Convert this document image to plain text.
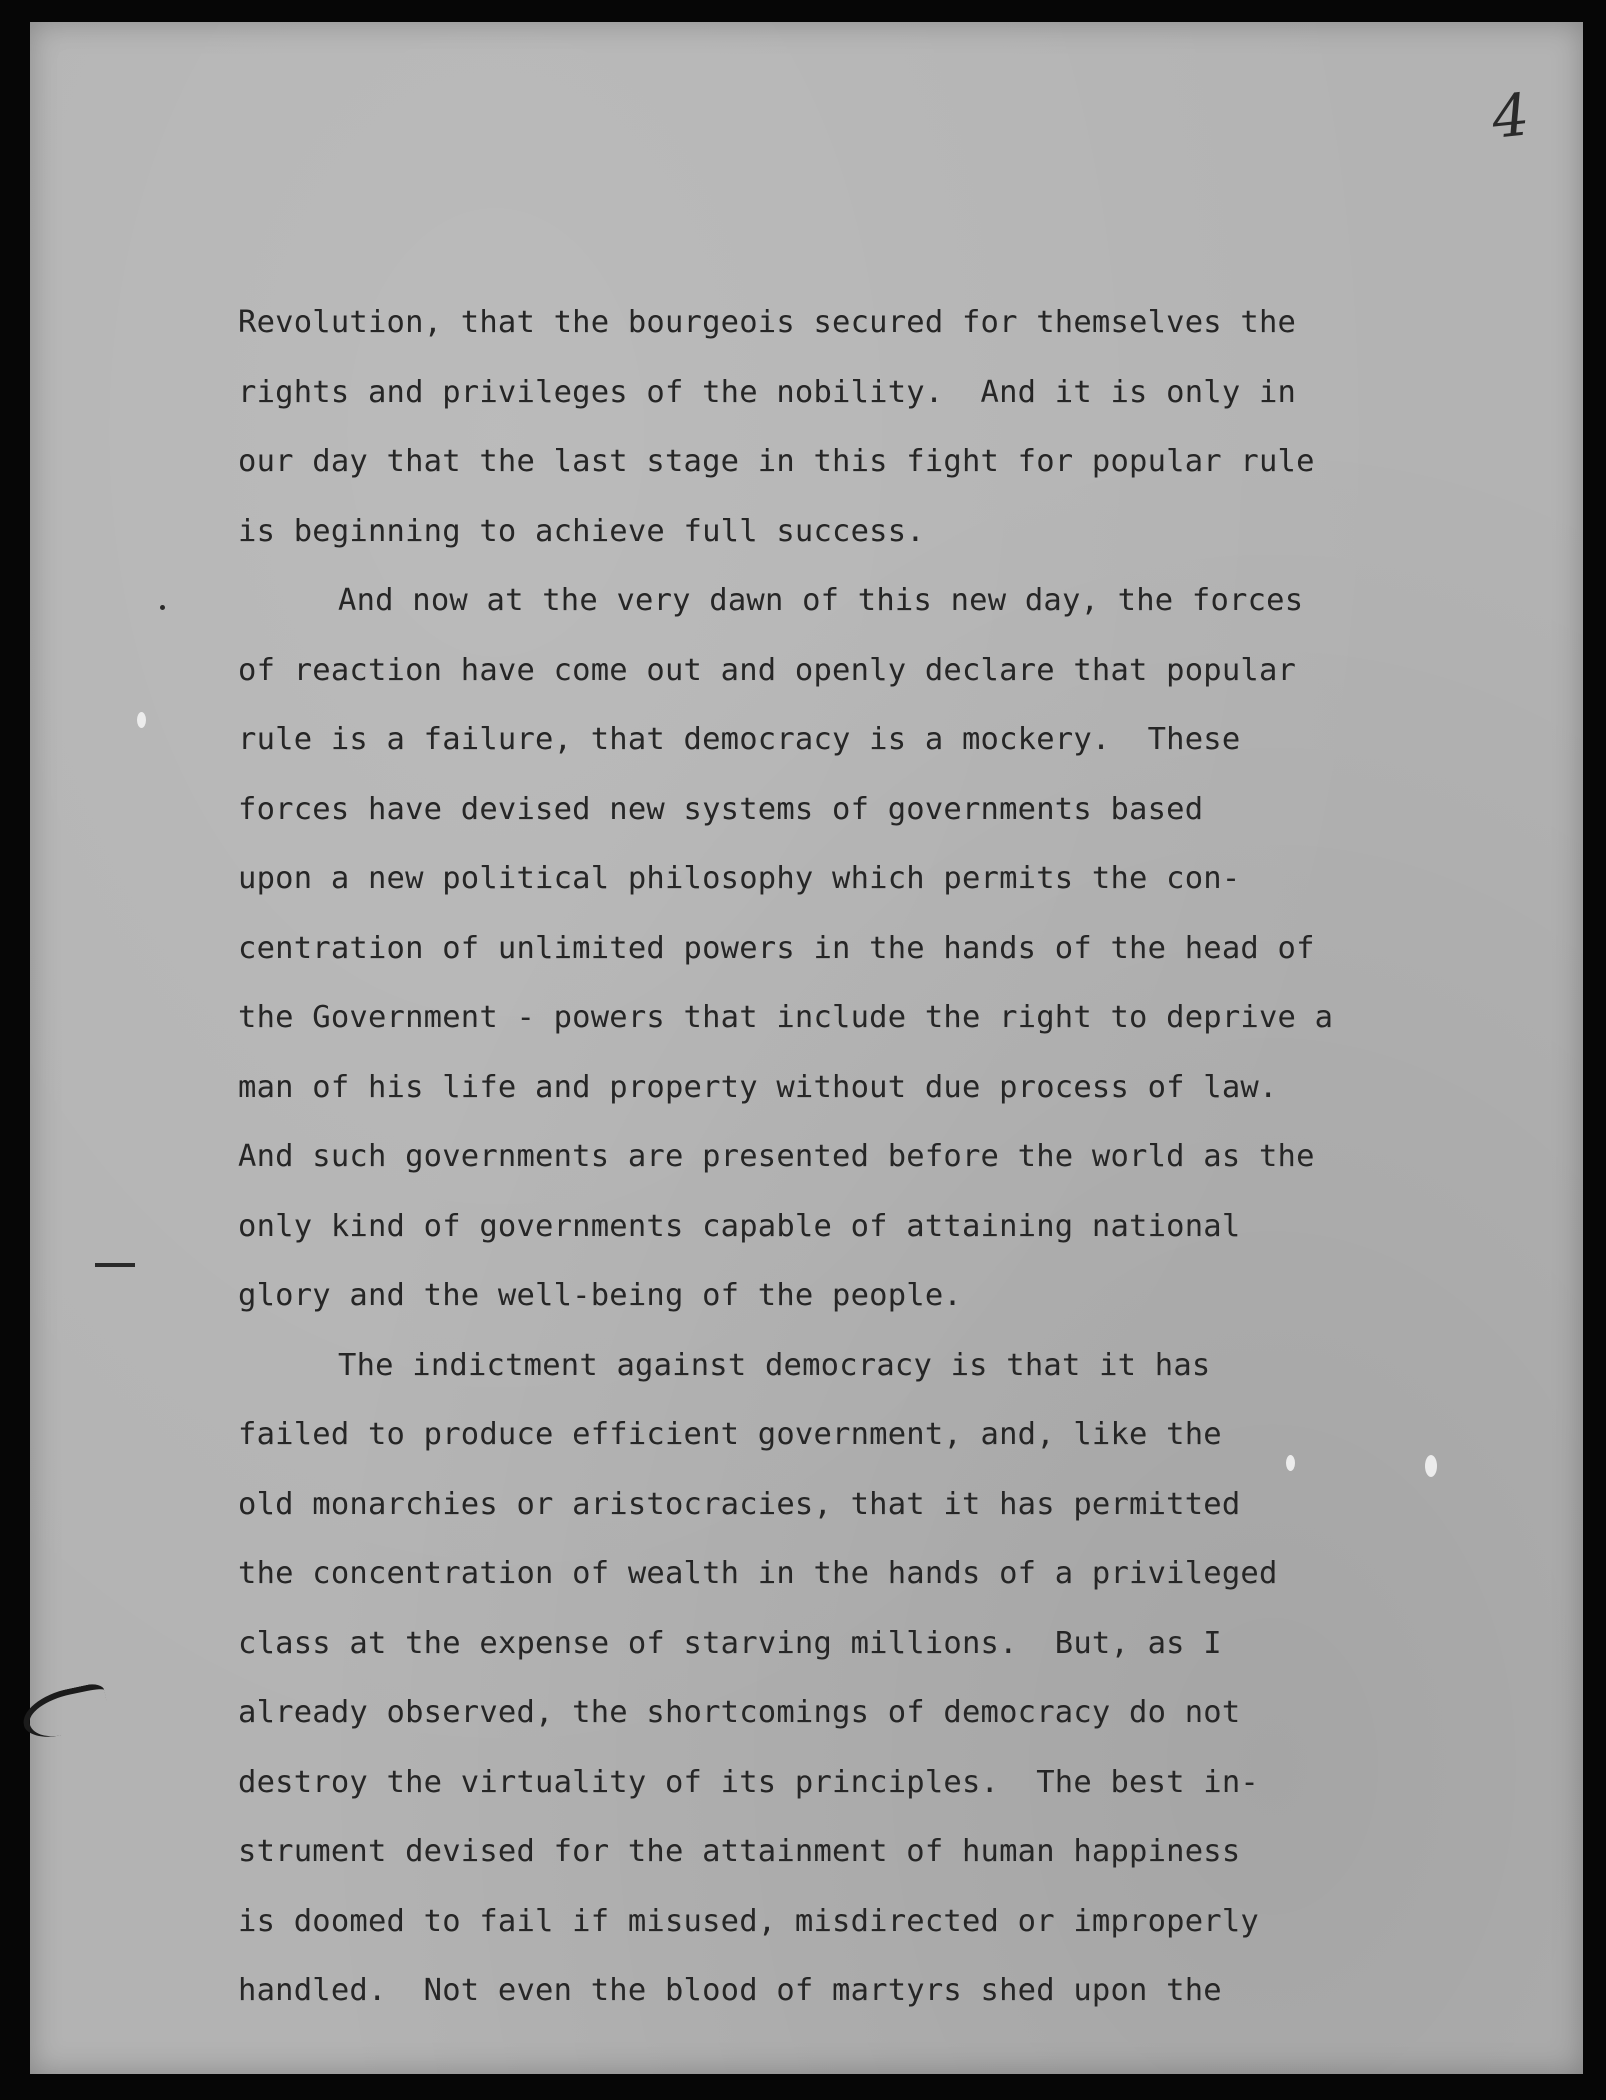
4

Revolution, that the bourgeois secured for themselves the
rights and privileges of the nobility.  And it is only in
our day that the last stage in this fight for popular rule
is beginning to achieve full success.
And now at the very dawn of this new day, the forces
of reaction have come out and openly declare that popular
rule is a failure, that democracy is a mockery.  These
forces have devised new systems of governments based
upon a new political philosophy which permits the con-
centration of unlimited powers in the hands of the head of
the Government - powers that include the right to deprive a
man of his life and property without due process of law.
And such governments are presented before the world as the
only kind of governments capable of attaining national
glory and the well-being of the people.
The indictment against democracy is that it has
failed to produce efficient government, and, like the
old monarchies or aristocracies, that it has permitted
the concentration of wealth in the hands of a privileged
class at the expense of starving millions.  But, as I
already observed, the shortcomings of democracy do not
destroy the virtuality of its principles.  The best in-
strument devised for the attainment of human happiness
is doomed to fail if misused, misdirected or improperly
handled.  Not even the blood of martyrs shed upon the
